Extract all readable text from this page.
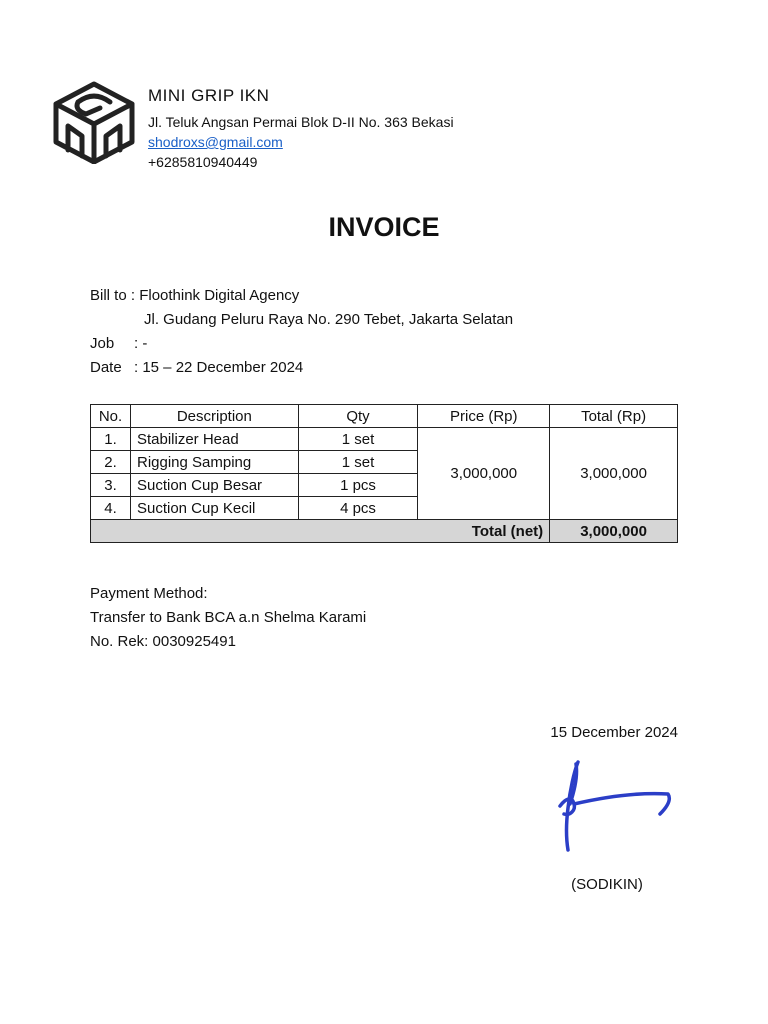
MINI GRIP IKN
Jl. Teluk Angsan Permai Blok D-II No. 363 Bekasi
shodroxs@gmail.com
+6285810940449
INVOICE
Bill to : Floothink Digital Agency
Jl. Gudang Peluru Raya No. 290 Tebet, Jakarta Selatan
Job : -
Date : 15 – 22 December 2024
No.	Description	Qty	Price (Rp)	Total (Rp)
1.	Stabilizer Head	1 set	3,000,000	3,000,000
2.	Rigging Samping	1 set		
3.	Suction Cup Besar	1 pcs		
4.	Suction Cup Kecil	4 pcs		
Total (net)				3,000,000
Payment Method:
Transfer to Bank BCA a.n Shelma Karami
No. Rek: 0030925491
15 December 2024
(SODIKIN)
